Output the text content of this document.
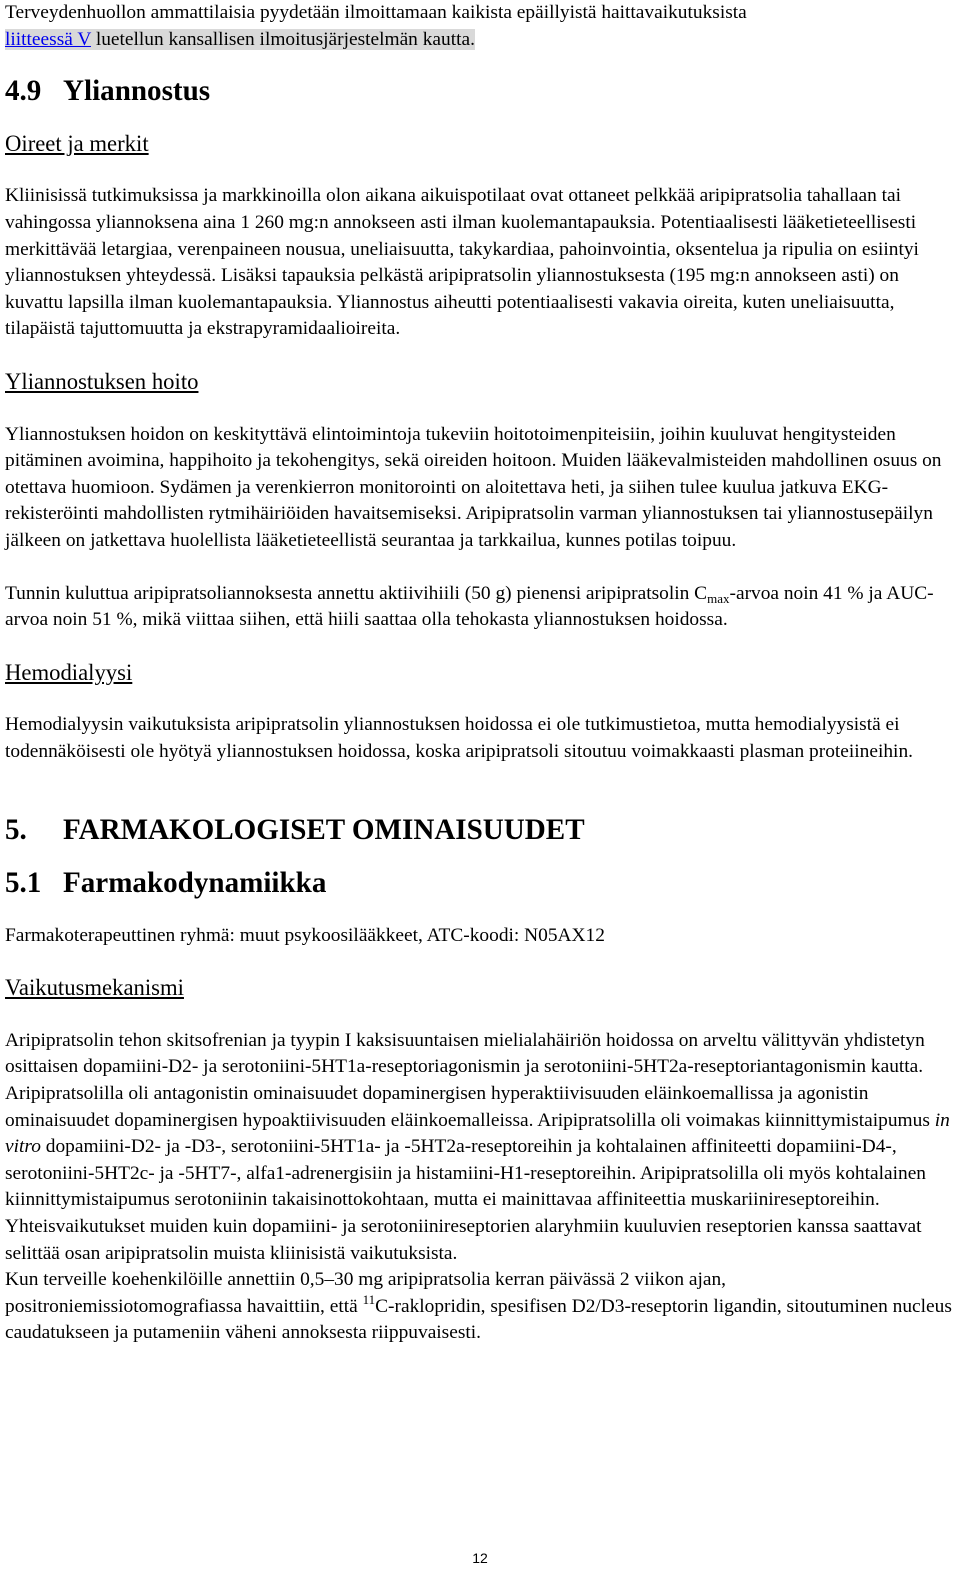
Terveydenhuollon ammattilaisia pyydetään ilmoittamaan kaikista epäillyistä haittavaikutuksista
liitteessä V luetellun kansallisen ilmoitusjärjestelmän kautta.

4.9 Yliannostus
Oireet ja merkit

Kliinisissä tutkimuksissa ja markkinoilla olon aikana aikuispotilaat ovat ottaneet pelkkää aripipratsolia tahallaan tai vahingossa yliannoksena aina 1 260 mg:n annokseen asti ilman kuolemantapauksia. Potentiaalisesti lääketieteellisesti merkittävää letargiaa, verenpaineen nousua, uneliaisuutta, takykardiaa, pahoinvointia, oksentelua ja ripulia on esiintyi yliannostuksen yhteydessä. Lisäksi tapauksia pelkästä aripipratsolin yliannostuksesta (195 mg:n annokseen asti) on kuvattu lapsilla ilman kuolemantapauksia. Yliannostus aiheutti potentiaalisesti vakavia oireita, kuten uneliaisuutta, tilapäistä tajuttomuutta ja ekstrapyramidaalioireita.

Yliannostuksen hoito

Yliannostuksen hoidon on keskityttävä elintoimintoja tukeviin hoitotoimenpiteisiin, joihin kuuluvat hengitysteiden pitäminen avoimina, happihoito ja tekohengitys, sekä oireiden hoitoon. Muiden lääkevalmisteiden mahdollinen osuus on otettava huomioon. Sydämen ja verenkierron monitorointi on aloitettava heti, ja siihen tulee kuulua jatkuva EKG-rekisteröinti mahdollisten rytmihäiriöiden havaitsemiseksi. Aripipratsolin varman yliannostuksen tai yliannostusepäilyn jälkeen on jatkettava huolellista lääketieteellistä seurantaa ja tarkkailua, kunnes potilas toipuu.

Tunnin kuluttua aripipratsoliannoksesta annettu aktiivihiili (50 g) pienensi aripipratsolin $C_{max}$-arvoa noin 41 % ja AUC-arvoa noin 51 %, mikä viittaa siihen, että hiili saattaa olla tehokasta yliannostuksen hoidossa.

Hemodialyysi

Hemodialyysin vaikutuksista aripipratsolin yliannostuksen hoidossa ei ole tutkimustietoa, mutta hemodialyysistä ei todennäköisesti ole hyötyä yliannostuksen hoidossa, koska aripipratsoli sitoutuu voimakkaasti plasman proteiineihin.

5. FARMAKOLOGISET OMINAISUUDET
5.1 Farmakodynamiikka

Farmakoterapeuttinen ryhmä: muut psykoosilääkkeet, ATC-koodi: N05AX12

Vaikutusmekanismi

Aripipratsolin tehon skitsofrenian ja tyypin I kaksisuuntaisen mielialahäiriön hoidossa on arveltu välittyvän yhdistetyn osittaisen dopamiini-D2- ja serotoniini-5HT1a-reseptoriagonismin ja serotoniini-5HT2a-reseptoriantagonismin kautta. Aripipratsolilla oli antagonistin ominaisuudet dopaminergisen hyperaktiivisuuden eläinkoemallissa ja agonistin ominaisuudet dopaminergisen hypoaktiivisuuden eläinkoemalleissa. Aripipratsolilla oli voimakas kiinnittymistaipumus in vitro dopamiini-D2- ja -D3-, serotoniini-5HT1a- ja -5HT2a-reseptoreihin ja kohtalainen affiniteetti dopamiini-D4-, serotoniini-5HT2c- ja -5HT7-, alfa1-adrenergisiin ja histamiini-H1-reseptoreihin. Aripipratsolilla oli myös kohtalainen kiinnittymistaipumus serotoniinin takaisinottokohtaan, mutta ei mainittavaa affiniteettia muskariinireseptoreihin. Yhteisvaikutukset muiden kuin dopamiini- ja serotoniinireseptorien alaryhmiin kuuluvien reseptorien kanssa saattavat selittää osan aripipratsolin muista kliinisistä vaikutuksista.

Kun terveille koehenkilöille annettiin 0,5–30 mg aripipratsolia kerran päivässä 2 viikon ajan, positroniemissiotomografiassa havaittiin, että $^{11}$C-raklopridin, spesifisen D2/D3-reseptorin ligandin, sitoutuminen nucleus caudatukseen ja putameniin väheni annoksesta riippuvaisesti.

12
